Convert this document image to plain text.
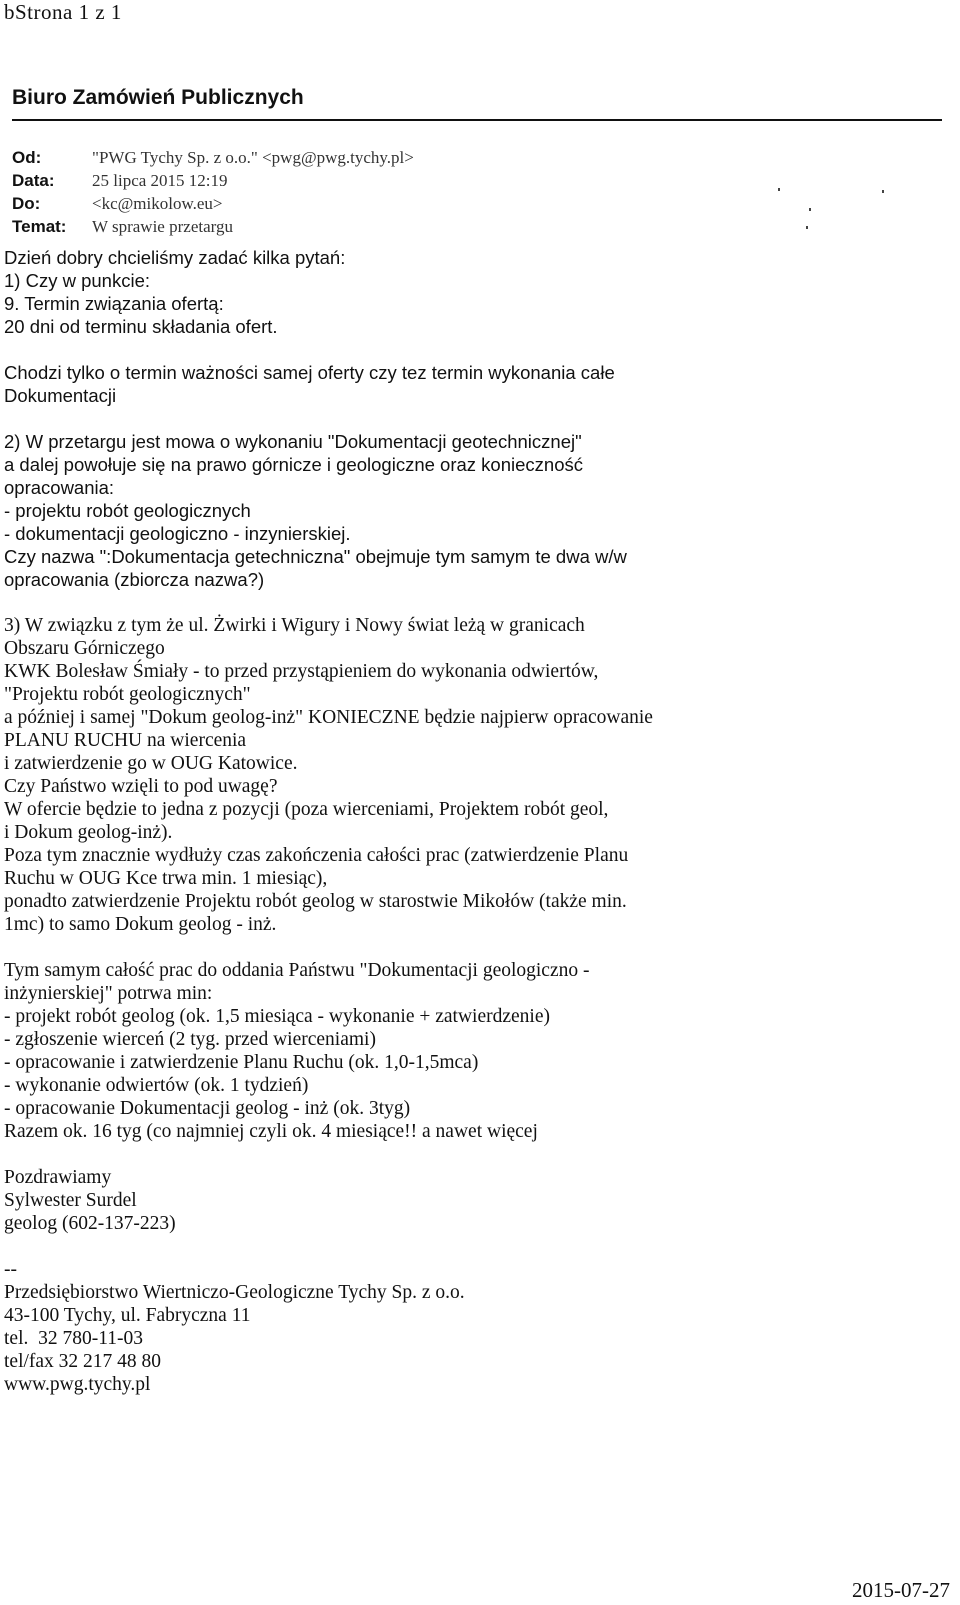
bStrona 1 z 1
Biuro Zamówień Publicznych
Od:	"PWG Tychy Sp. z o.o." <pwg@pwg.tychy.pl>
Data:	25 lipca 2015 12:19
Do:	<kc@mikolow.eu>
Temat:	W sprawie przetargu
Dzień dobry chcieliśmy zadać kilka pytań:
1) Czy w punkcie:
9. Termin związania ofertą:
20 dni od terminu składania ofert.
Chodzi tylko o termin ważności samej oferty czy tez termin wykonania całe
Dokumentacji
2) W przetargu jest mowa o wykonaniu "Dokumentacji geotechnicznej"
a dalej powołuje się na prawo górnicze i geologiczne oraz konieczność
opracowania:
- projektu robót geologicznych
- dokumentacji geologiczno - inzynierskiej.
Czy nazwa ":Dokumentacja getechniczna" obejmuje tym samym te dwa w/w
opracowania (zbiorcza nazwa?)
3) W związku z tym że ul. Żwirki i Wigury i Nowy świat leżą w granicach
Obszaru Górniczego
KWK Bolesław Śmiały - to przed przystąpieniem do wykonania odwiertów,
"Projektu robót geologicznych"
a później i samej "Dokum geolog-inż" KONIECZNE będzie najpierw opracowanie
PLANU RUCHU na wiercenia
i zatwierdzenie go w OUG Katowice.
Czy Państwo wzięli to pod uwagę?
W ofercie będzie to jedna z pozycji (poza wierceniami, Projektem robót geol,
i Dokum geolog-inż).
Poza tym znacznie wydłuży czas zakończenia całości prac (zatwierdzenie Planu
Ruchu w OUG Kce trwa min. 1 miesiąc),
ponadto zatwierdzenie Projektu robót geolog w starostwie Mikołów (także min.
1mc) to samo Dokum geolog - inż.
Tym samym całość prac do oddania Państwu "Dokumentacji geologiczno -
inżynierskiej" potrwa min:
- projekt robót geolog (ok. 1,5 miesiąca - wykonanie + zatwierdzenie)
- zgłoszenie wierceń (2 tyg. przed wierceniami)
- opracowanie i zatwierdzenie Planu Ruchu (ok. 1,0-1,5mca)
- wykonanie odwiertów (ok. 1 tydzień)
- opracowanie Dokumentacji geolog - inż (ok. 3tyg)
Razem ok. 16 tyg (co najmniej czyli ok. 4 miesiące!! a nawet więcej
Pozdrawiamy
Sylwester Surdel
geolog (602-137-223)
--
Przedsiębiorstwo Wiertniczo-Geologiczne Tychy Sp. z o.o.
43-100 Tychy, ul. Fabryczna 11
tel.  32 780-11-03
tel/fax 32 217 48 80
www.pwg.tychy.pl
2015-07-27
